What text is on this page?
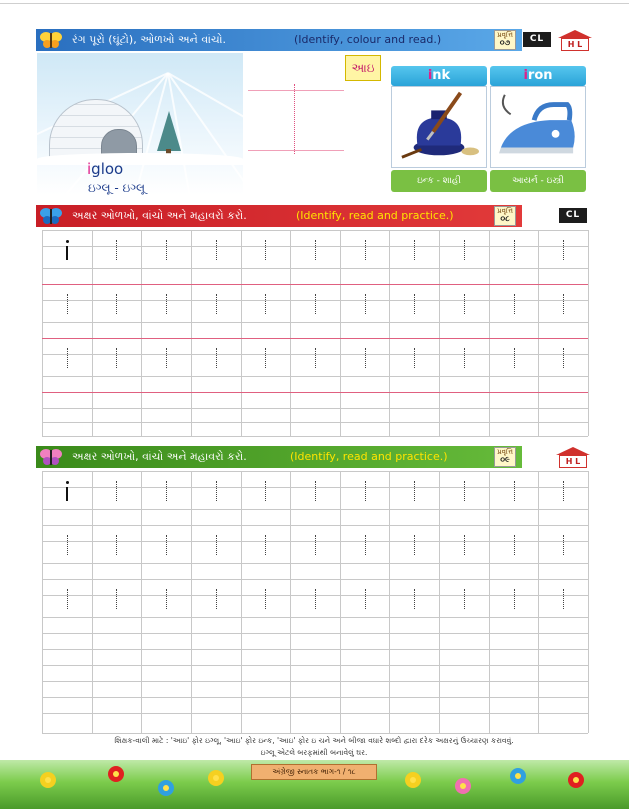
રંગ પૂરો (ઘૂંટો), ઓળખો અને વાંચો.	(Identify, colour and read.)	પ્રવૃત્તિ
૦૭	CL
H L
igloo
ઇગ્લૂ - ઇગ્લૂ
આઇ	ink
ઇન્ક - શાહી
iron
આયર્ન - ઇસ્ત્રી
અક્ષર ઓળખો, વાંચો અને મહાવરો કરો.	(Identify, read and practice.)	પ્રવૃત્તિ
૦૮	CL
અક્ષર ઓળખો, વાંચો અને મહાવરો કરો.	(Identify, read and practice.)	પ્રવૃત્તિ
૦૯	H L
શિક્ષક-વાલી માટે : 'આઇ' ફોર ઇગ્લૂ, 'આઇ' ફોર ઇન્ક, 'આઇ' ફોર ઇ ચને અને બીજા વધારે શબ્દો દ્વારા દરેક અક્ષરનું ઉચ્ચારણ કરાવવું.
ઇગ્લૂ એટલે બરફમાંથી બનાવેલું ઘર.
અંગ્રેજી સ્નાતક ભાગ-૧ / ૧૮
